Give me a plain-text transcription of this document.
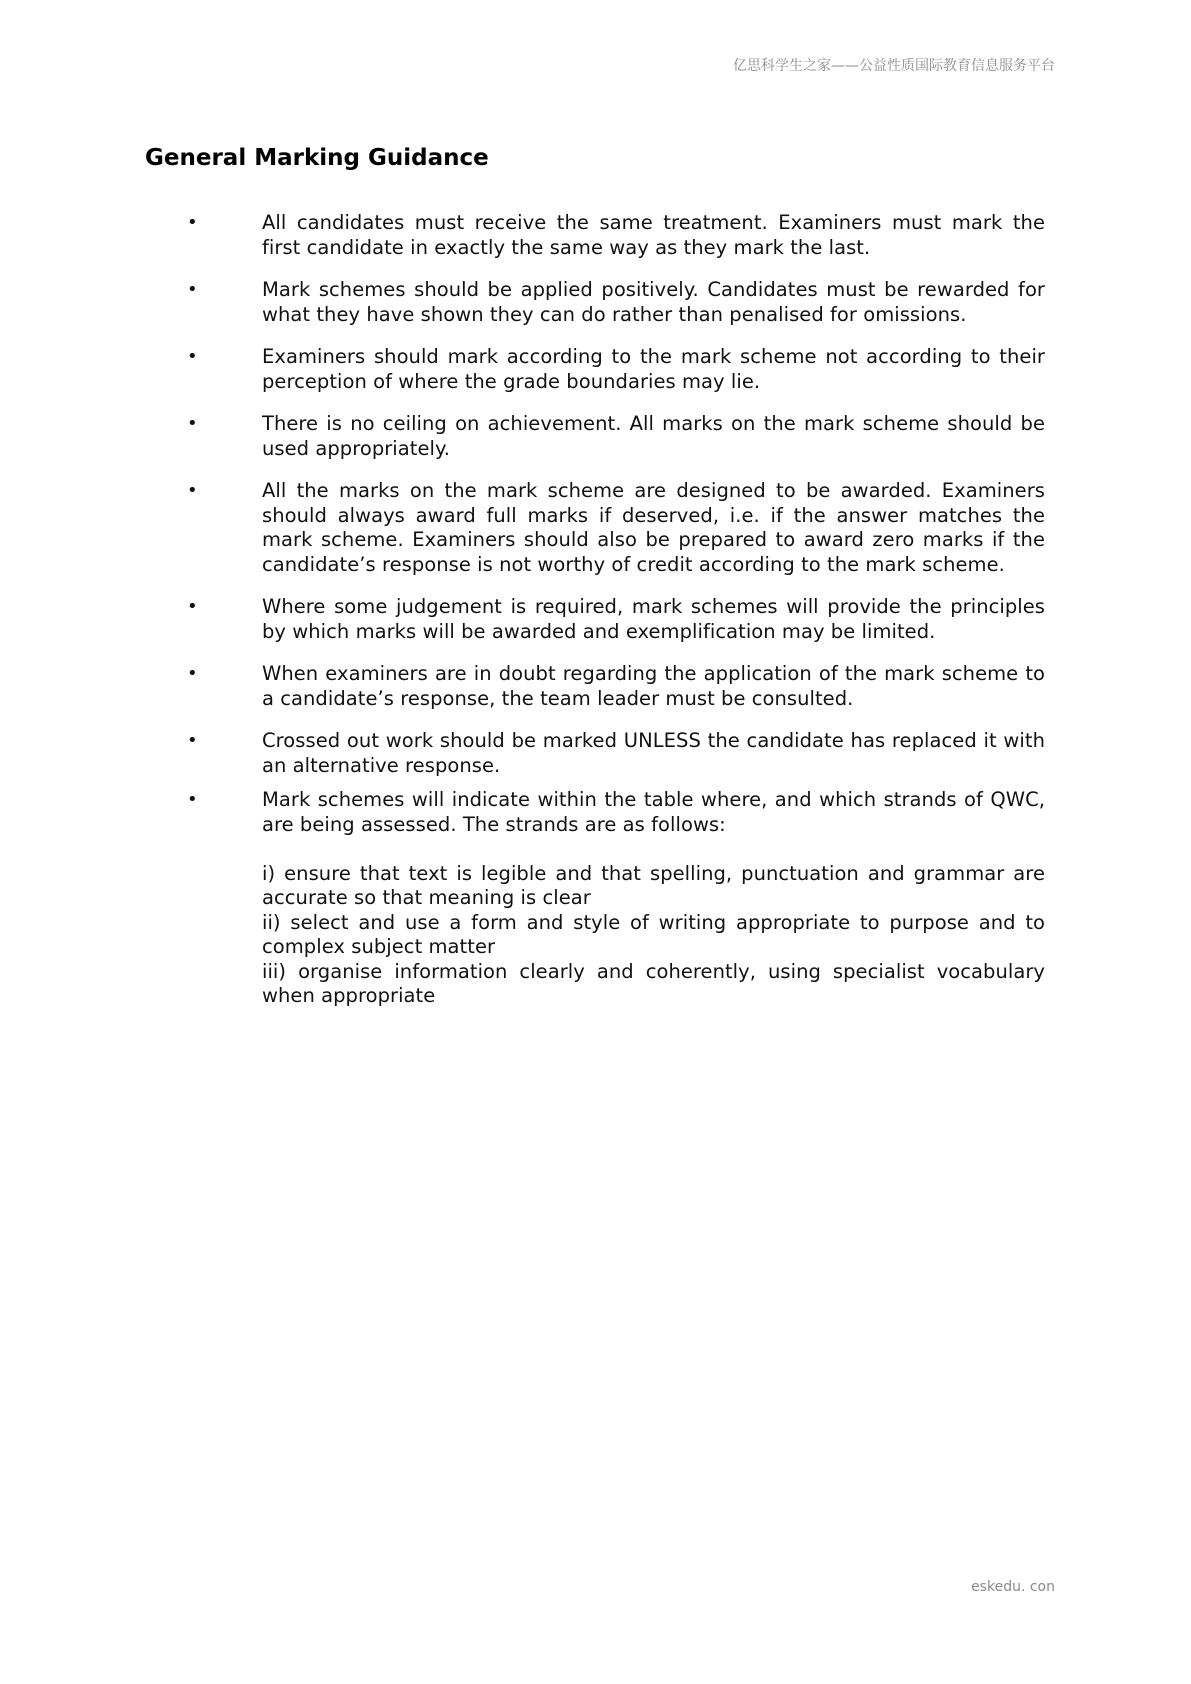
亿思科学生之家——公益性质国际教育信息服务平台
General Marking Guidance
•	All candidates must receive the same treatment. Examiners must mark the first candidate in exactly the same way as they mark the last.
•	Mark schemes should be applied positively. Candidates must be rewarded for what they have shown they can do rather than penalised for omissions.
•	Examiners should mark according to the mark scheme not according to their perception of where the grade boundaries may lie.
•	There is no ceiling on achievement. All marks on the mark scheme should be used appropriately.
•	All the marks on the mark scheme are designed to be awarded. Examiners should always award full marks if deserved, i.e. if the answer matches the mark scheme. Examiners should also be prepared to award zero marks if the candidate’s response is not worthy of credit according to the mark scheme.
•	Where some judgement is required, mark schemes will provide the principles by which marks will be awarded and exemplification may be limited.
•	When examiners are in doubt regarding the application of the mark scheme to a candidate’s response, the team leader must be consulted.
•	Crossed out work should be marked UNLESS the candidate has replaced it with an alternative response.
•	Mark schemes will indicate within the table where, and which strands of QWC, are being assessed. The strands are as follows:
i) ensure that text is legible and that spelling, punctuation and grammar are accurate so that meaning is clear
ii) select and use a form and style of writing appropriate to purpose and to complex subject matter
iii) organise information clearly and coherently, using specialist vocabulary when appropriate
eskedu. con
